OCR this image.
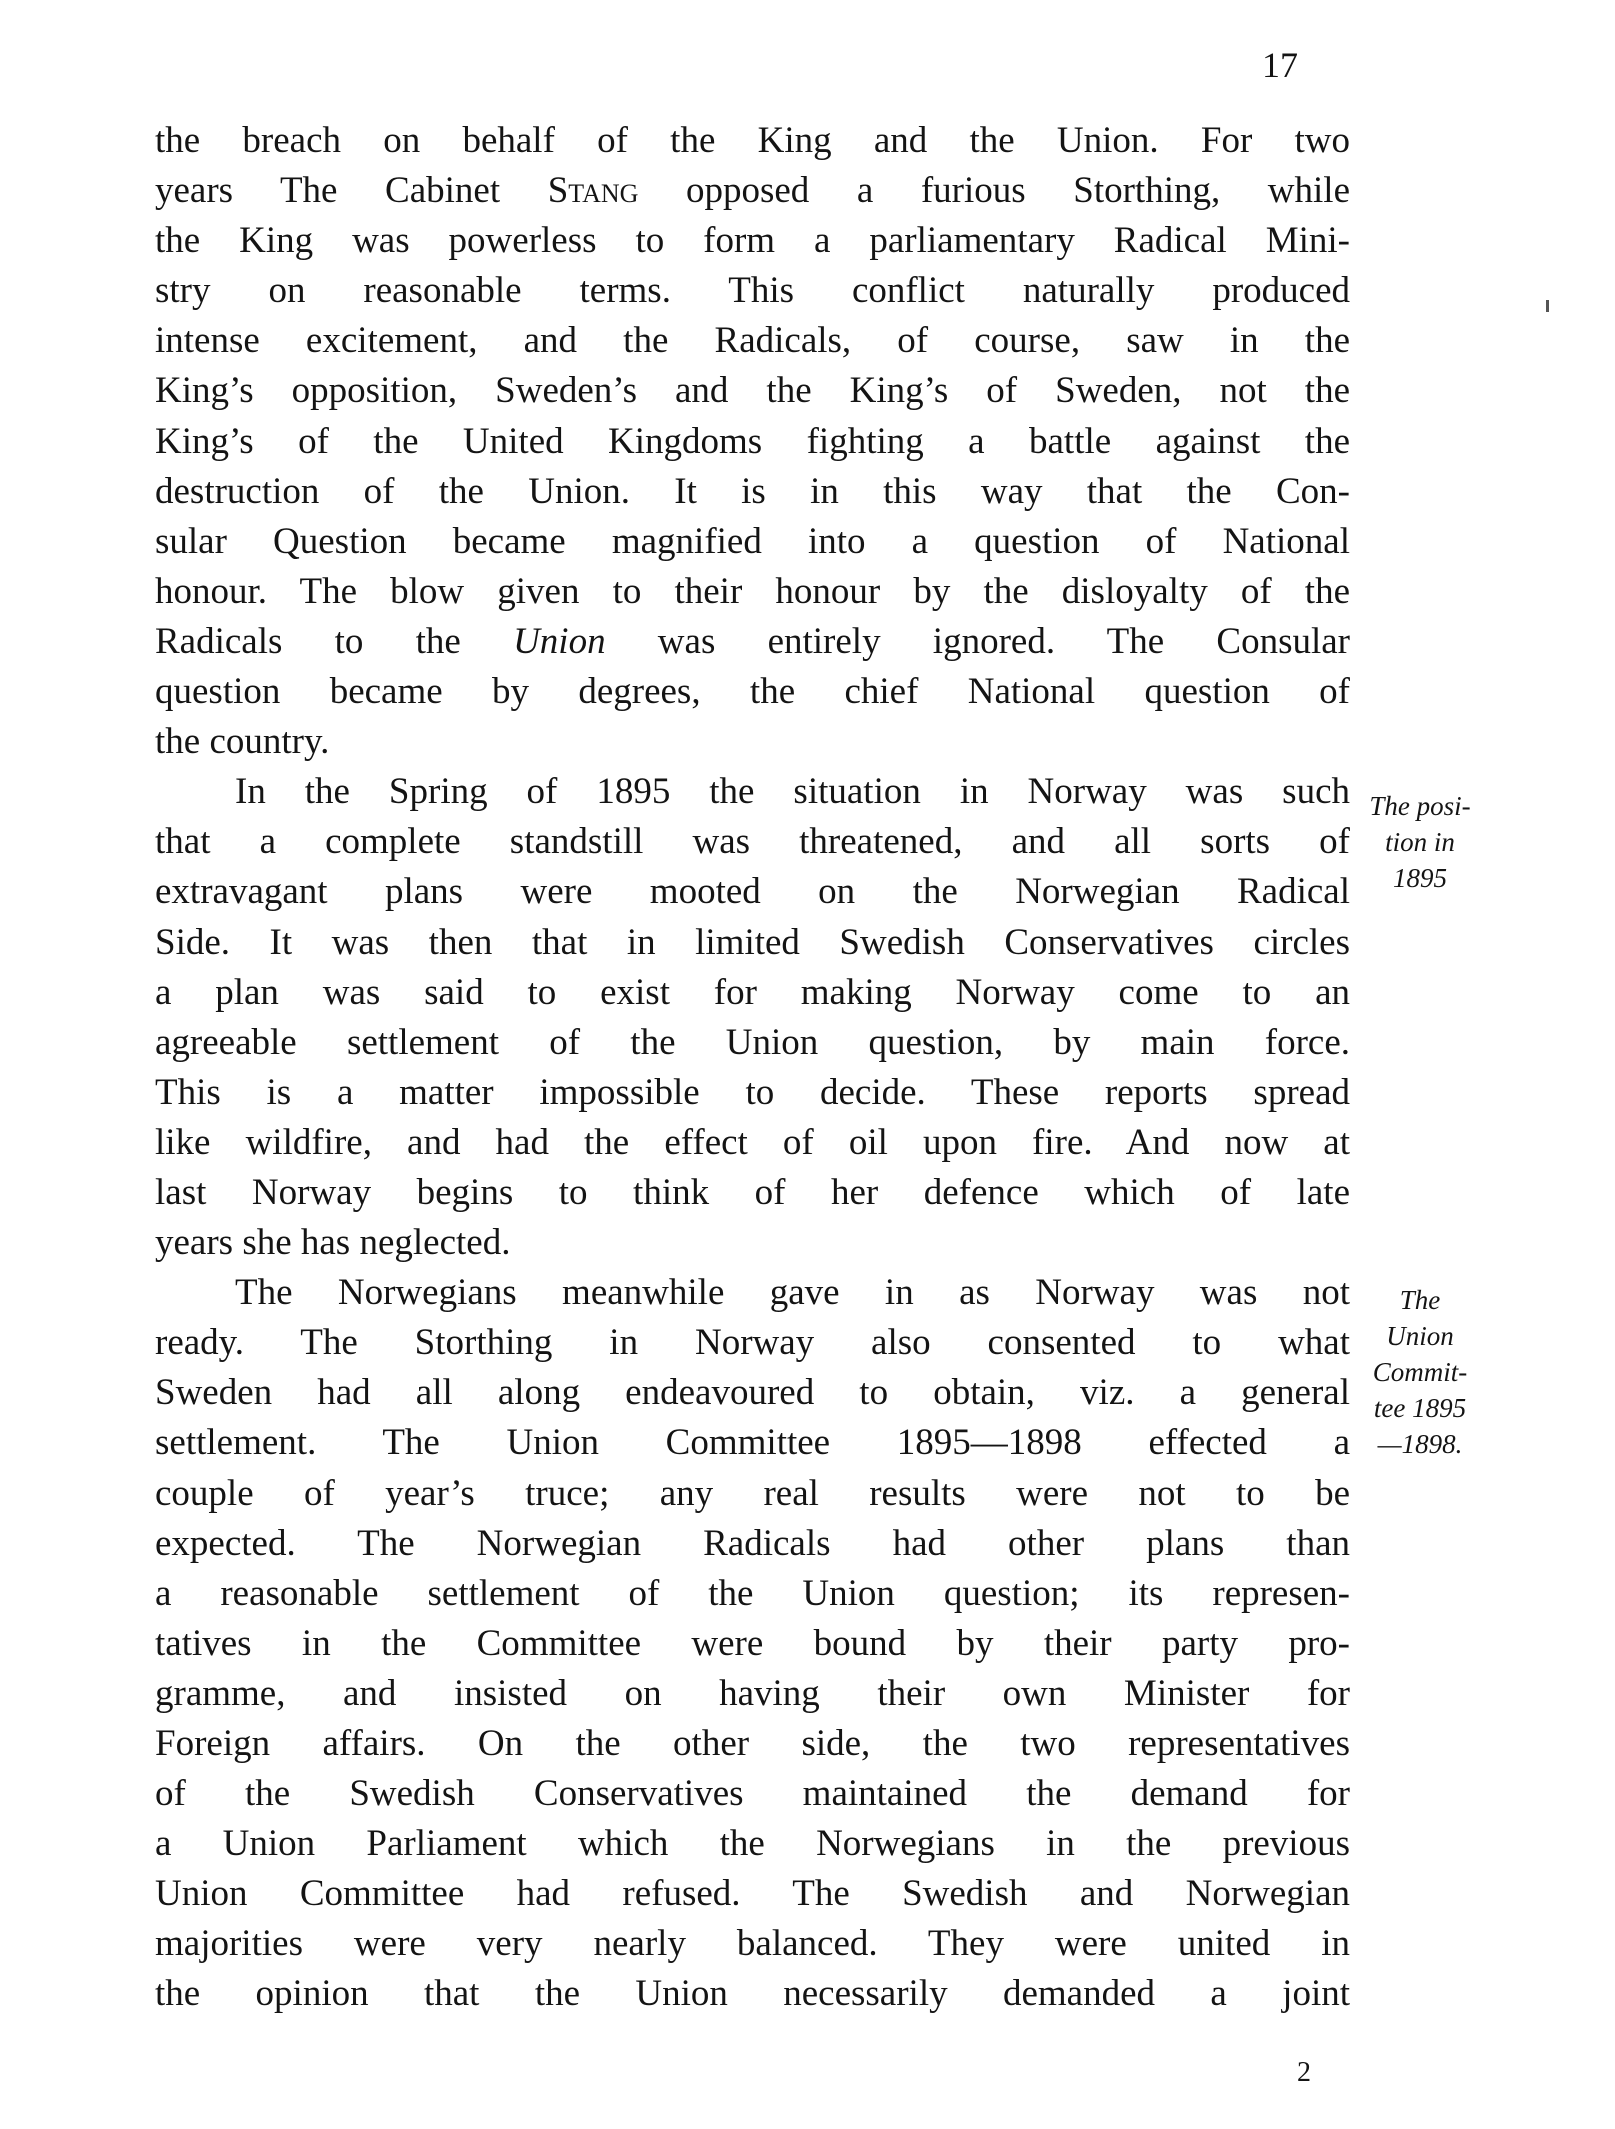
17
the breach on behalf of the King and the Union. For two
years The Cabinet Stang opposed a furious Storthing, while
the King was powerless to form a parliamentary Radical Mini-
stry on reasonable terms. This conflict naturally produced
intense excitement, and the Radicals, of course, saw in the
King’s opposition, Sweden’s and the King’s of Sweden, not the
King’s of the United Kingdoms fighting a battle against the
destruction of the Union. It is in this way that the Con-
sular Question became magnified into a question of National
honour. The blow given to their honour by the disloyalty of the
Radicals to the Union was entirely ignored. The Consular
question became by degrees, the chief National question of
the country.
In the Spring of 1895 the situation in Norway was such
that a complete standstill was threatened, and all sorts of
extravagant plans were mooted on the Norwegian Radical
Side. It was then that in limited Swedish Conservatives circles
a plan was said to exist for making Norway come to an
agreeable settlement of the Union question, by main force.
This is a matter impossible to decide. These reports spread
like wildfire, and had the effect of oil upon fire. And now at
last Norway begins to think of her defence which of late
years she has neglected.
The Norwegians meanwhile gave in as Norway was not
ready. The Storthing in Norway also consented to what
Sweden had all along endeavoured to obtain, viz. a general
settlement. The Union Committee 1895—1898 effected a
couple of year’s truce; any real results were not to be
expected. The Norwegian Radicals had other plans than
a reasonable settlement of the Union question; its represen-
tatives in the Committee were bound by their party pro-
gramme, and insisted on having their own Minister for
Foreign affairs. On the other side, the two representatives
of the Swedish Conservatives maintained the demand for
a Union Parliament which the Norwegians in the previous
Union Committee had refused. The Swedish and Norwegian
majorities were very nearly balanced. They were united in
the opinion that the Union necessarily demanded a joint
The posi-
tion in
1895
The
Union
Commit-
tee 1895
—1898.
2
